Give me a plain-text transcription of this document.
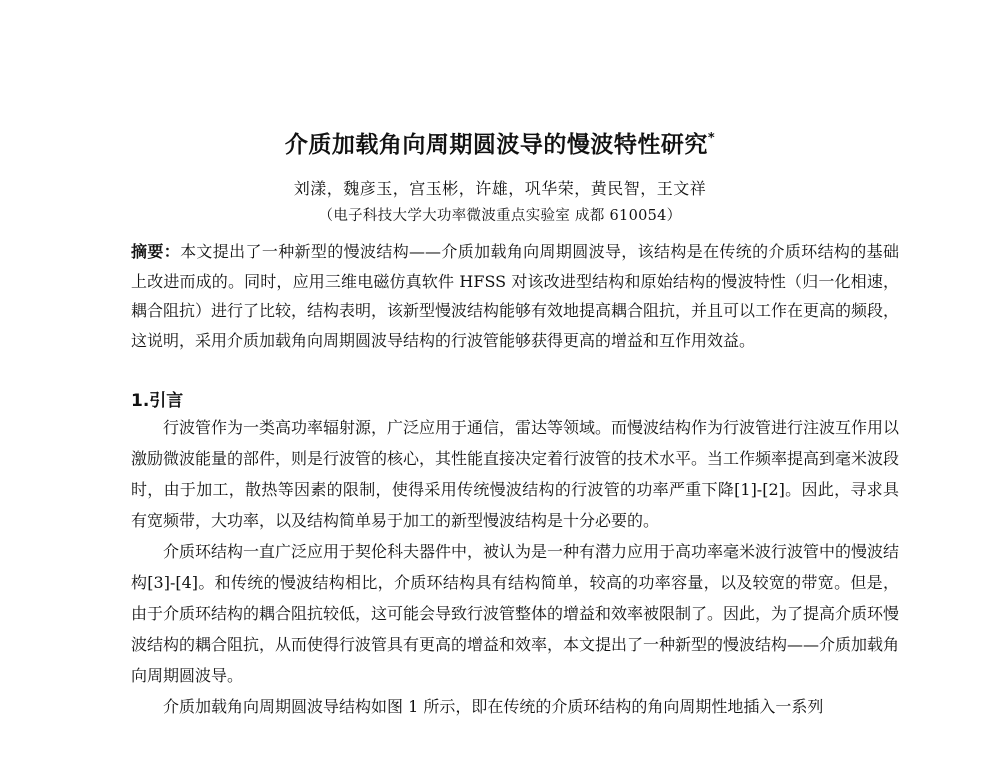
介质加载角向周期圆波导的慢波特性研究*
刘漾，魏彦玉，宫玉彬，许雄，巩华荣，黄民智，王文祥
（电子科技大学大功率微波重点实验室 成都 610054）
摘要：本文提出了一种新型的慢波结构——介质加载角向周期圆波导，该结构是在传统的介质环结构的基础上改进而成的。同时，应用三维电磁仿真软件 HFSS 对该改进型结构和原始结构的慢波特性（归一化相速，耦合阻抗）进行了比较，结构表明，该新型慢波结构能够有效地提高耦合阻抗，并且可以工作在更高的频段，这说明，采用介质加载角向周期圆波导结构的行波管能够获得更高的增益和互作用效益。
1.引言

行波管作为一类高功率辐射源，广泛应用于通信，雷达等领域。而慢波结构作为行波管进行注波互作用以激励微波能量的部件，则是行波管的核心，其性能直接决定着行波管的技术水平。当工作频率提高到毫米波段时，由于加工，散热等因素的限制，使得采用传统慢波结构的行波管的功率严重下降[1]-[2]。因此，寻求具有宽频带，大功率，以及结构简单易于加工的新型慢波结构是十分必要的。

介质环结构一直广泛应用于契伦科夫器件中，被认为是一种有潜力应用于高功率毫米波行波管中的慢波结构[3]-[4]。和传统的慢波结构相比，介质环结构具有结构简单，较高的功率容量，以及较宽的带宽。但是，由于介质环结构的耦合阻抗较低，这可能会导致行波管整体的增益和效率被限制了。因此，为了提高介质环慢波结构的耦合阻抗，从而使得行波管具有更高的增益和效率，本文提出了一种新型的慢波结构——介质加载角向周期圆波导。

介质加载角向周期圆波导结构如图 1 所示，即在传统的介质环结构的角向周期性地插入一系列
